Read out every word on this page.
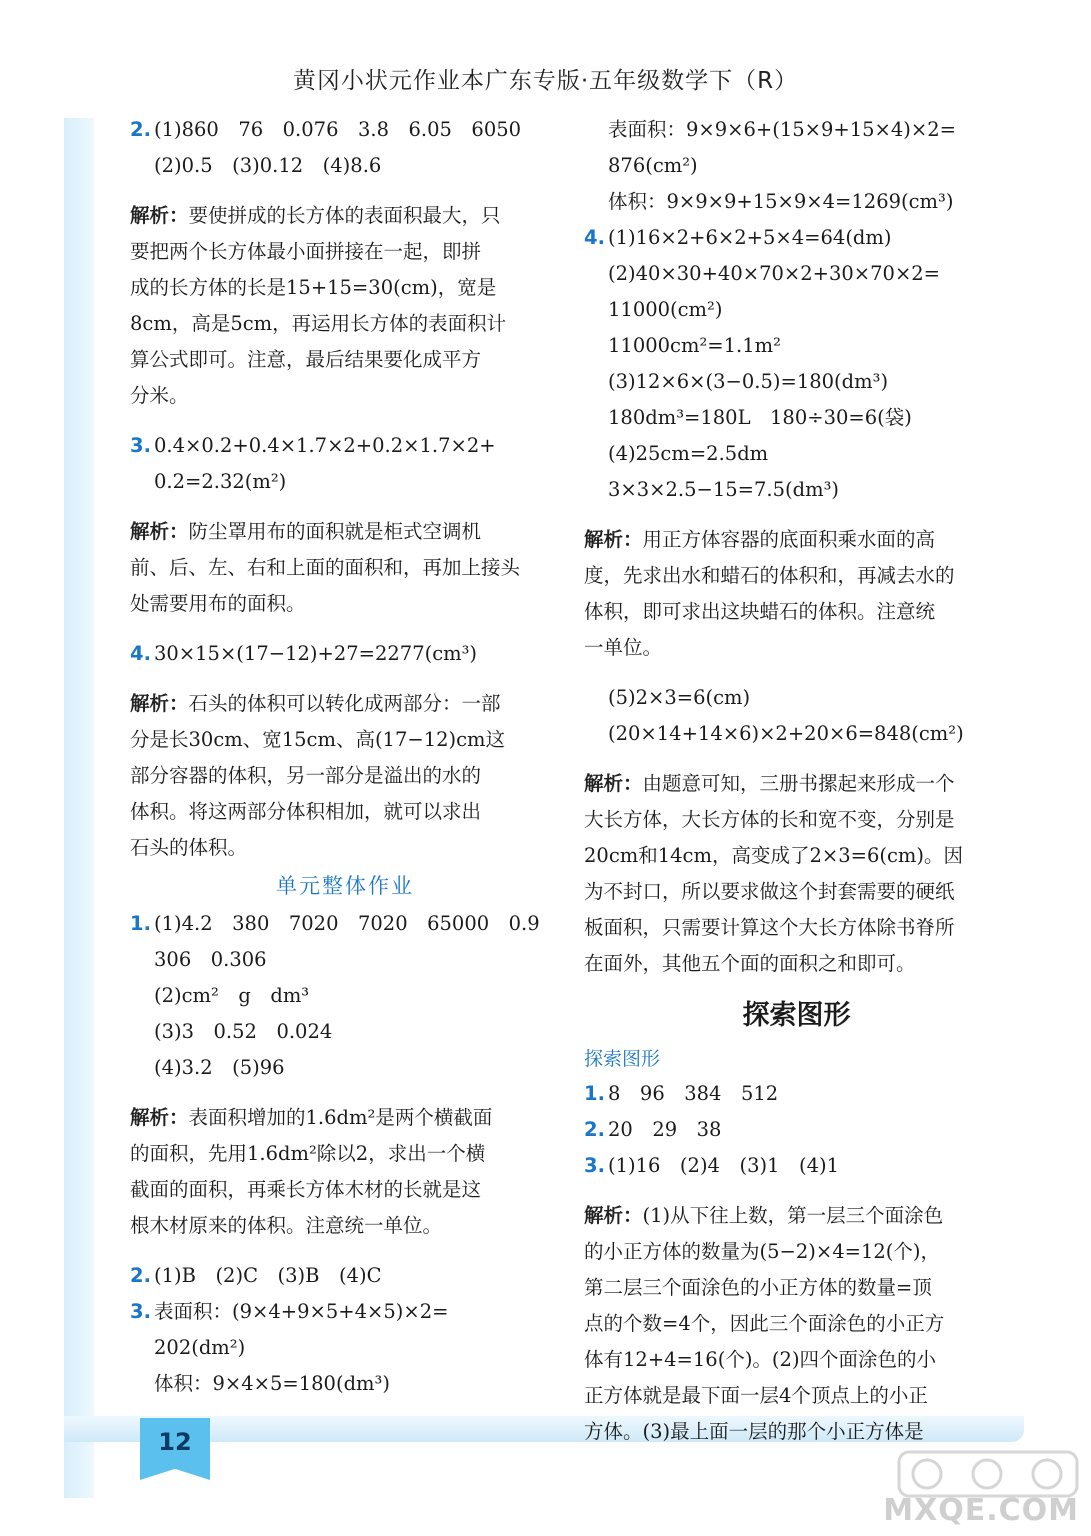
黄冈小状元作业本广东专版·五年级数学下（R）
2. (1)860　76　0.076　3.8　6.05　6050
(2)0.5　(3)0.12　(4)8.6
解析：要使拼成的长方体的表面积最大，只
要把两个长方体最小面拼接在一起，即拼
成的长方体的长是15+15=30(cm)，宽是
8cm，高是5cm，再运用长方体的表面积计
算公式即可。注意，最后结果要化成平方
分米。
3. 0.4×0.2+0.4×1.7×2+0.2×1.7×2+
0.2=2.32(m²)
解析：防尘罩用布的面积就是柜式空调机
前、后、左、右和上面的面积和，再加上接头
处需要用布的面积。
4. 30×15×(17−12)+27=2277(cm³)
解析：石头的体积可以转化成两部分：一部
分是长30cm、宽15cm、高(17−12)cm这
部分容器的体积，另一部分是溢出的水的
体积。将这两部分体积相加，就可以求出
石头的体积。
单元整体作业
1. (1)4.2　380　7020　7020　65000　0.9
306　0.306
(2)cm²　g　dm³
(3)3　0.52　0.024
(4)3.2　(5)96
解析：表面积增加的1.6dm²是两个横截面
的面积，先用1.6dm²除以2，求出一个横
截面的面积，再乘长方体木材的长就是这
根木材原来的体积。注意统一单位。
2. (1)B　(2)C　(3)B　(4)C
3. 表面积：(9×4+9×5+4×5)×2=
202(dm²)
体积：9×4×5=180(dm³)
表面积：9×9×6+(15×9+15×4)×2=
876(cm²)
体积：9×9×9+15×9×4=1269(cm³)
4. (1)16×2+6×2+5×4=64(dm)
(2)40×30+40×70×2+30×70×2=
11000(cm²)
11000cm²=1.1m²
(3)12×6×(3−0.5)=180(dm³)
180dm³=180L　180÷30=6(袋)
(4)25cm=2.5dm
3×3×2.5−15=7.5(dm³)
解析：用正方体容器的底面积乘水面的高
度，先求出水和蜡石的体积和，再减去水的
体积，即可求出这块蜡石的体积。注意统
一单位。
(5)2×3=6(cm)
(20×14+14×6)×2+20×6=848(cm²)
解析：由题意可知，三册书摞起来形成一个
大长方体，大长方体的长和宽不变，分别是
20cm和14cm，高变成了2×3=6(cm)。因
为不封口，所以要求做这个封套需要的硬纸
板面积，只需要计算这个大长方体除书脊所
在面外，其他五个面的面积之和即可。
探索图形
探索图形
1. 8　96　384　512
2. 20　29　38
3. (1)16　(2)4　(3)1　(4)1
解析：(1)从下往上数，第一层三个面涂色
的小正方体的数量为(5−2)×4=12(个)，
第二层三个面涂色的小正方体的数量=顶
点的个数=4个，因此三个面涂色的小正方
体有12+4=16(个)。(2)四个面涂色的小
正方体就是最下面一层4个顶点上的小正
方体。(3)最上面一层的那个小正方体是
12
MXQE.COM
